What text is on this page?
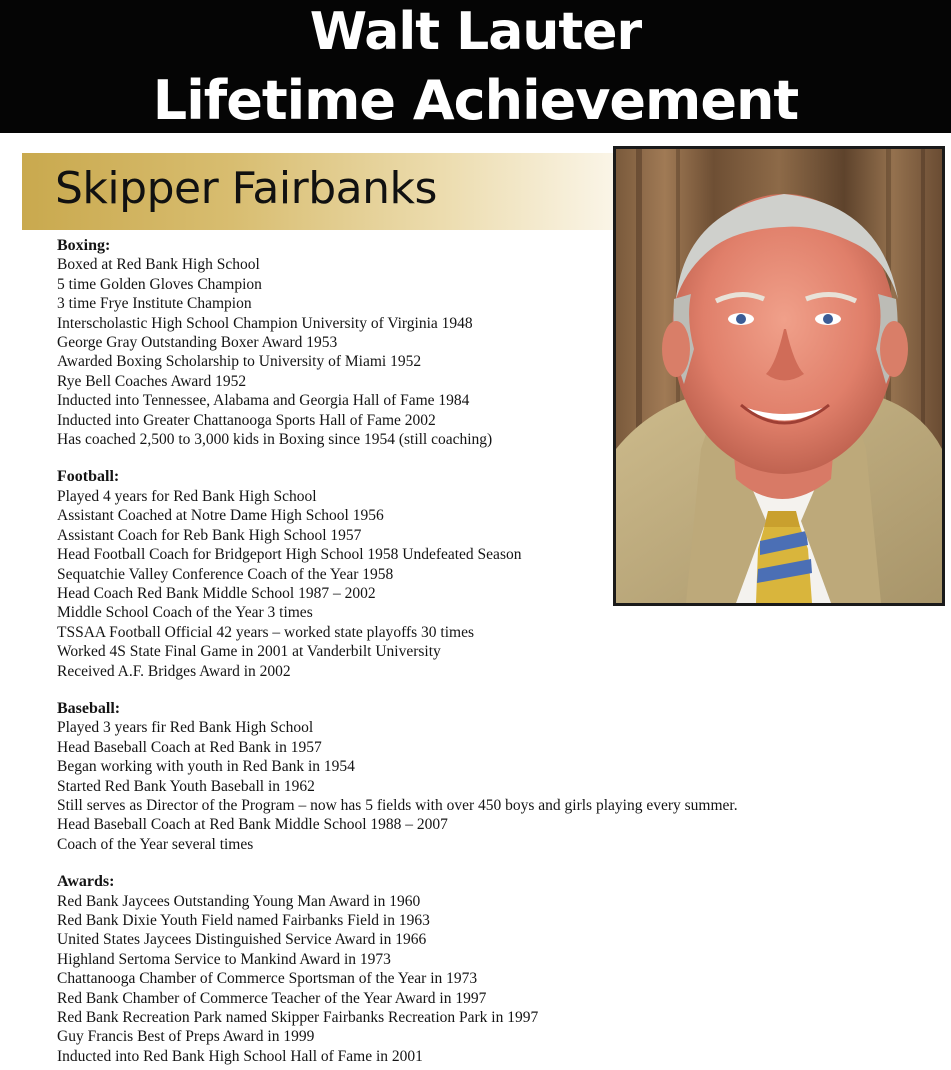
Walt Lauter
Lifetime Achievement
Skipper Fairbanks
Boxing:
Boxed at Red Bank High School
5 time Golden Gloves Champion
3 time Frye Institute Champion
Interscholastic High School Champion University of Virginia 1948
George Gray Outstanding Boxer Award 1953
Awarded Boxing Scholarship to University of Miami 1952
Rye Bell Coaches Award 1952
Inducted into Tennessee, Alabama and Georgia Hall of Fame 1984
Inducted into Greater Chattanooga Sports Hall of Fame 2002
Has coached 2,500 to 3,000 kids in Boxing since 1954 (still coaching)
Football:
Played 4 years for Red Bank High School
Assistant Coached at Notre Dame High School 1956
Assistant Coach for Reb Bank High School 1957
Head Football Coach for Bridgeport High School 1958 Undefeated Season
Sequatchie Valley Conference Coach of the Year 1958
Head Coach Red Bank Middle School 1987 – 2002
Middle School Coach of the Year 3 times
TSSAA Football Official 42 years – worked state playoffs 30 times
Worked 4S State Final Game in 2001 at Vanderbilt University
Received A.F. Bridges Award in 2002
Baseball:
Played 3 years fir Red Bank High School
Head Baseball Coach at Red Bank in 1957
Began working with youth in Red Bank in 1954
Started Red Bank Youth Baseball in 1962
Still serves as Director of the Program – now has 5 fields with over 450 boys and girls playing every summer.
Head Baseball Coach at Red Bank Middle School 1988 – 2007
Coach of the Year several times
Awards:
Red Bank Jaycees Outstanding Young Man Award in 1960
Red Bank Dixie Youth Field named Fairbanks Field in 1963
United States Jaycees Distinguished Service Award in 1966
Highland Sertoma Service to Mankind Award in 1973
Chattanooga Chamber of Commerce Sportsman of the Year in 1973
Red Bank Chamber of Commerce Teacher of the Year Award in 1997
Red Bank Recreation Park named Skipper Fairbanks Recreation Park in 1997
Guy Francis Best of Preps Award in 1999
Inducted into Red Bank High School Hall of Fame in 2001
